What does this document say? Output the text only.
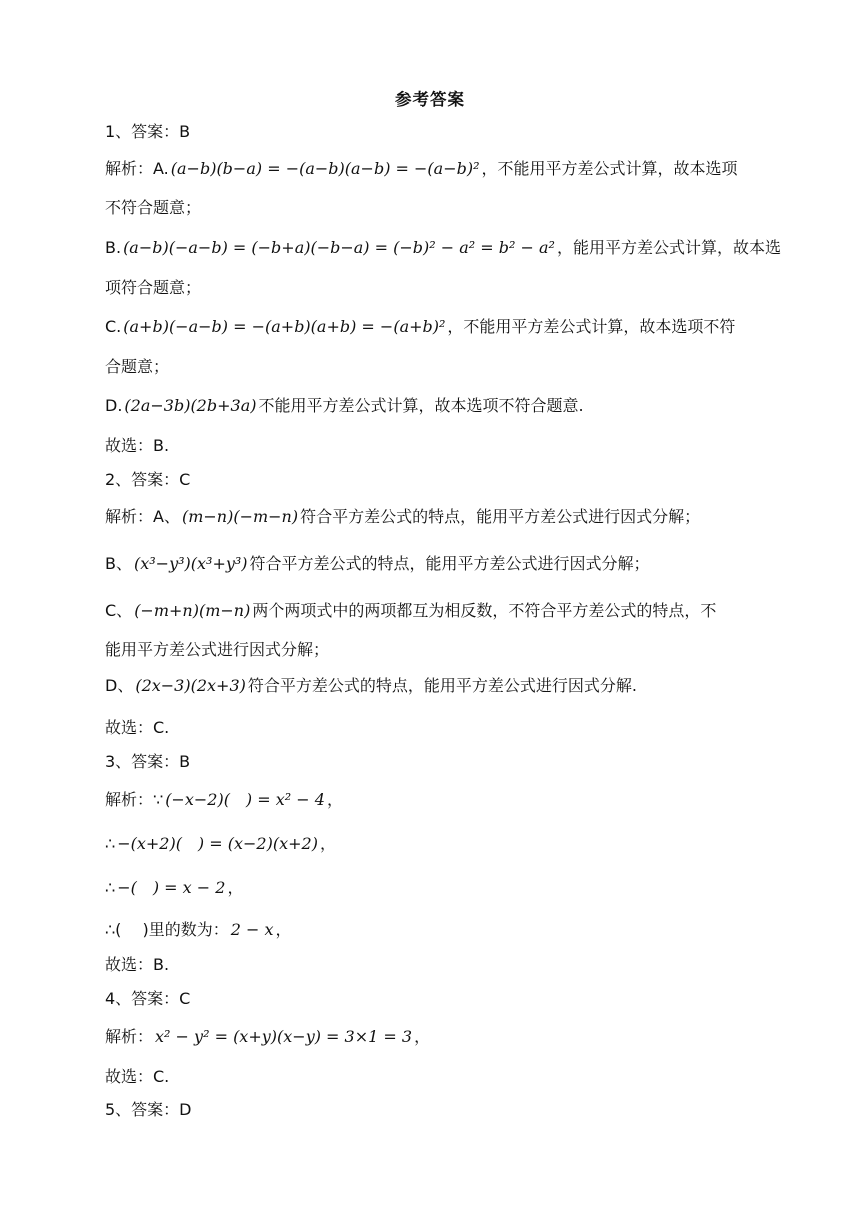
参考答案
1、答案：B
解析：A. (a−b)(b−a) = −(a−b)(a−b) = −(a−b)² ，不能用平方差公式计算，故本选项
不符合题意；
B. (a−b)(−a−b) = (−b+a)(−b−a) = (−b)² − a² = b² − a² ，能用平方差公式计算，故本选
项符合题意；
C. (a+b)(−a−b) = −(a+b)(a+b) = −(a+b)² ，不能用平方差公式计算，故本选项不符
合题意；
D. (2a−3b)(2b+3a) 不能用平方差公式计算，故本选项不符合题意.
故选：B.
2、答案：C
解析：A、 (m−n)(−m−n) 符合平方差公式的特点，能用平方差公式进行因式分解；
B、 (x³−y³)(x³+y³) 符合平方差公式的特点，能用平方差公式进行因式分解；
C、 (−m+n)(m−n) 两个两项式中的两项都互为相反数，不符合平方差公式的特点，不
能用平方差公式进行因式分解；
D、 (2x−3)(2x+3) 符合平方差公式的特点，能用平方差公式进行因式分解.
故选：C.
3、答案：B
解析：∵ (−x−2)(　) = x² − 4 ，
∴ −(x+2)(　) = (x−2)(x+2) ，
∴ −(　) = x − 2 ，
∴(　 )里的数为： 2 − x ，
故选：B.
4、答案：C
解析： x² − y² = (x+y)(x−y) = 3×1 = 3 ，
故选：C.
5、答案：D
